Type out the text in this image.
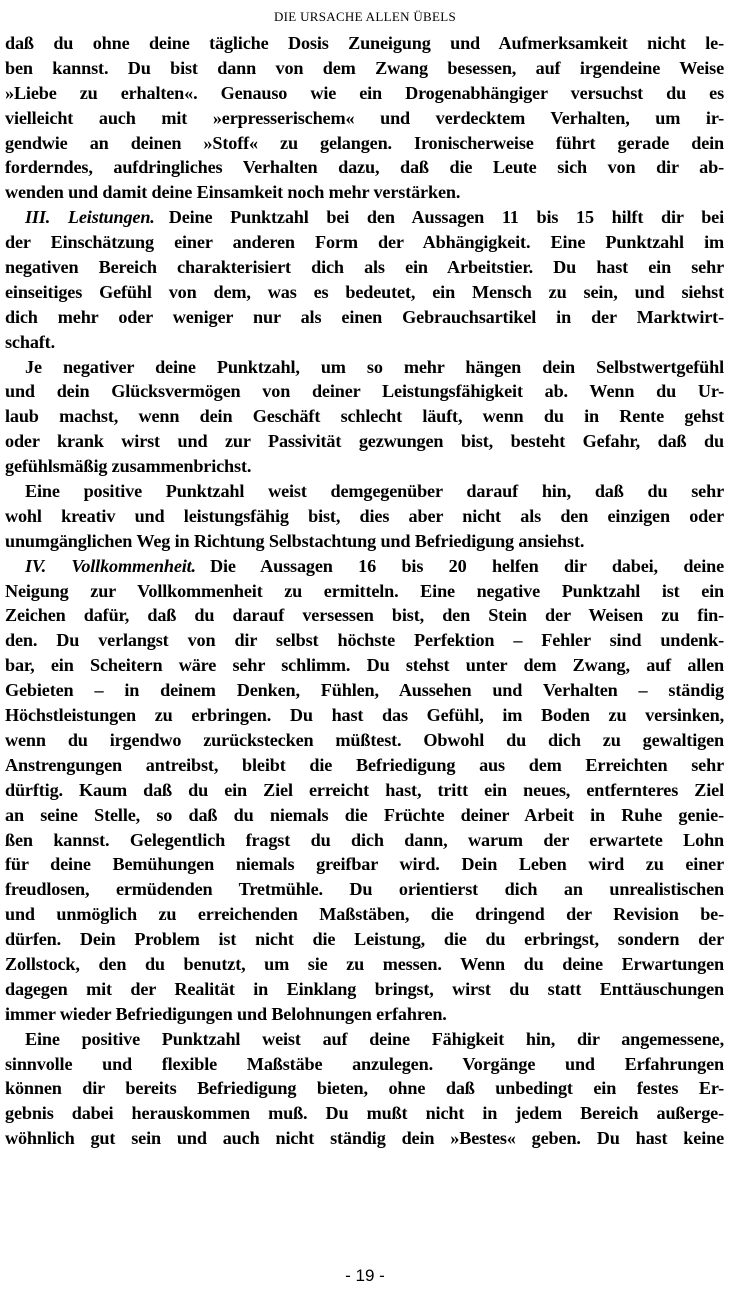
DIE URSACHE ALLEN ÜBELS
daß du ohne deine tägliche Dosis Zuneigung und Aufmerksamkeit nicht le-
ben kannst. Du bist dann von dem Zwang besessen, auf irgendeine Weise
»Liebe zu erhalten«. Genauso wie ein Drogenabhängiger versuchst du es
vielleicht auch mit »erpresserischem« und verdecktem Verhalten, um ir-
gendwie an deinen »Stoff« zu gelangen. Ironischerweise führt gerade dein
forderndes, aufdringliches Verhalten dazu, daß die Leute sich von dir ab-
wenden und damit deine Einsamkeit noch mehr verstärken.
III. Leistungen. Deine Punktzahl bei den Aussagen 11 bis 15 hilft dir bei
der Einschätzung einer anderen Form der Abhängigkeit. Eine Punktzahl im
negativen Bereich charakterisiert dich als ein Arbeitstier. Du hast ein sehr
einseitiges Gefühl von dem, was es bedeutet, ein Mensch zu sein, und siehst
dich mehr oder weniger nur als einen Gebrauchsartikel in der Marktwirt-
schaft.
Je negativer deine Punktzahl, um so mehr hängen dein Selbstwertgefühl
und dein Glücksvermögen von deiner Leistungsfähigkeit ab. Wenn du Ur-
laub machst, wenn dein Geschäft schlecht läuft, wenn du in Rente gehst
oder krank wirst und zur Passivität gezwungen bist, besteht Gefahr, daß du
gefühlsmäßig zusammenbrichst.
Eine positive Punktzahl weist demgegenüber darauf hin, daß du sehr
wohl kreativ und leistungsfähig bist, dies aber nicht als den einzigen oder
unumgänglichen Weg in Richtung Selbstachtung und Befriedigung ansiehst.
IV. Vollkommenheit. Die Aussagen 16 bis 20 helfen dir dabei, deine
Neigung zur Vollkommenheit zu ermitteln. Eine negative Punktzahl ist ein
Zeichen dafür, daß du darauf versessen bist, den Stein der Weisen zu fin-
den. Du verlangst von dir selbst höchste Perfektion – Fehler sind undenk-
bar, ein Scheitern wäre sehr schlimm. Du stehst unter dem Zwang, auf allen
Gebieten – in deinem Denken, Fühlen, Aussehen und Verhalten – ständig
Höchstleistungen zu erbringen. Du hast das Gefühl, im Boden zu versinken,
wenn du irgendwo zurückstecken müßtest. Obwohl du dich zu gewaltigen
Anstrengungen antreibst, bleibt die Befriedigung aus dem Erreichten sehr
dürftig. Kaum daß du ein Ziel erreicht hast, tritt ein neues, entfernteres Ziel
an seine Stelle, so daß du niemals die Früchte deiner Arbeit in Ruhe genie-
ßen kannst. Gelegentlich fragst du dich dann, warum der erwartete Lohn
für deine Bemühungen niemals greifbar wird. Dein Leben wird zu einer
freudlosen, ermüdenden Tretmühle. Du orientierst dich an unrealistischen
und unmöglich zu erreichenden Maßstäben, die dringend der Revision be-
dürfen. Dein Problem ist nicht die Leistung, die du erbringst, sondern der
Zollstock, den du benutzt, um sie zu messen. Wenn du deine Erwartungen
dagegen mit der Realität in Einklang bringst, wirst du statt Enttäuschungen
immer wieder Befriedigungen und Belohnungen erfahren.
Eine positive Punktzahl weist auf deine Fähigkeit hin, dir angemessene,
sinnvolle und flexible Maßstäbe anzulegen. Vorgänge und Erfahrungen
können dir bereits Befriedigung bieten, ohne daß unbedingt ein festes Er-
gebnis dabei herauskommen muß. Du mußt nicht in jedem Bereich außerge-
wöhnlich gut sein und auch nicht ständig dein »Bestes« geben. Du hast keine
- 19 -
